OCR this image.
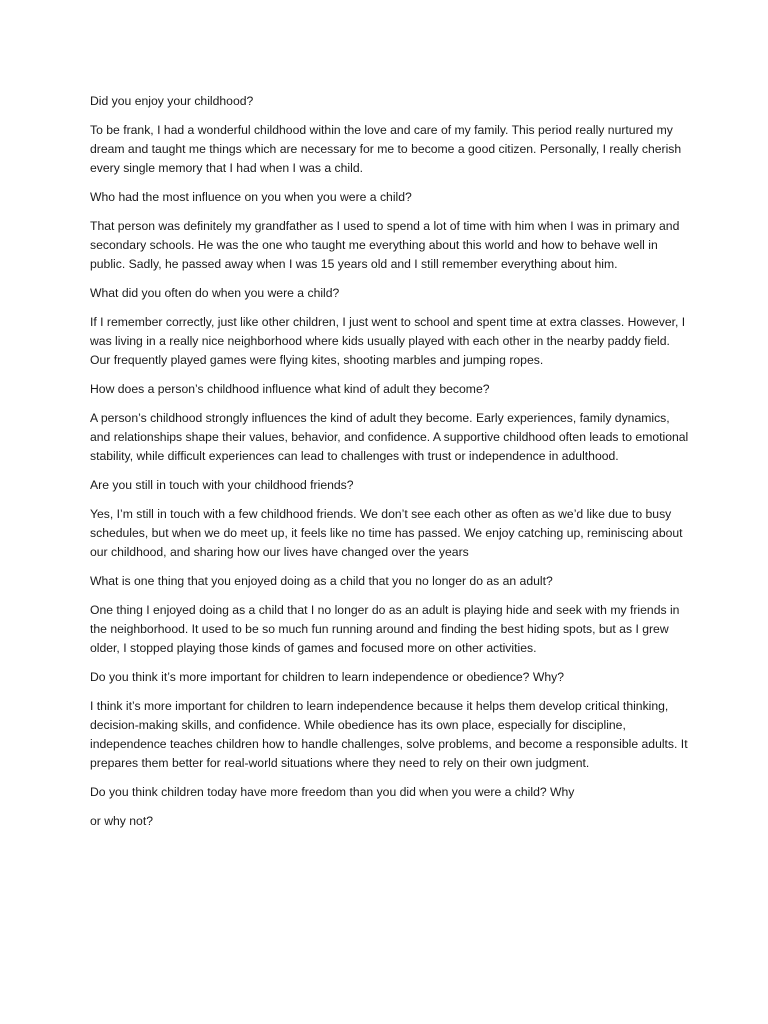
Did you enjoy your childhood?

To be frank, I had a wonderful childhood within the love and care of my family. This period really nurtured my dream and taught me things which are necessary for me to become a good citizen. Personally, I really cherish every single memory that I had when I was a child.

Who had the most influence on you when you were a child?

That person was definitely my grandfather as I used to spend a lot of time with him when I was in primary and secondary schools. He was the one who taught me everything about this world and how to behave well in public. Sadly, he passed away when I was 15 years old and I still remember everything about him.

What did you often do when you were a child?

If I remember correctly, just like other children, I just went to school and spent time at extra classes. However, I was living in a really nice neighborhood where kids usually played with each other in the nearby paddy field. Our frequently played games were flying kites, shooting marbles and jumping ropes.

How does a person’s childhood influence what kind of adult they become?

A person’s childhood strongly influences the kind of adult they become. Early experiences, family dynamics, and relationships shape their values, behavior, and confidence. A supportive childhood often leads to emotional stability, while difficult experiences can lead to challenges with trust or independence in adulthood.

Are you still in touch with your childhood friends?

Yes, I’m still in touch with a few childhood friends. We don’t see each other as often as we’d like due to busy schedules, but when we do meet up, it feels like no time has passed. We enjoy catching up, reminiscing about our childhood, and sharing how our lives have changed over the years

What is one thing that you enjoyed doing as a child that you no longer do as an adult?

One thing I enjoyed doing as a child that I no longer do as an adult is playing hide and seek with my friends in the neighborhood. It used to be so much fun running around and finding the best hiding spots, but as I grew older, I stopped playing those kinds of games and focused more on other activities.

Do you think it’s more important for children to learn independence or obedience? Why?

I think it’s more important for children to learn independence because it helps them develop critical thinking, decision-making skills, and confidence. While obedience has its own place, especially for discipline, independence teaches children how to handle challenges, solve problems, and become a responsible adults. It prepares them better for real-world situations where they need to rely on their own judgment.

Do you think children today have more freedom than you did when you were a child? Why

or why not?
